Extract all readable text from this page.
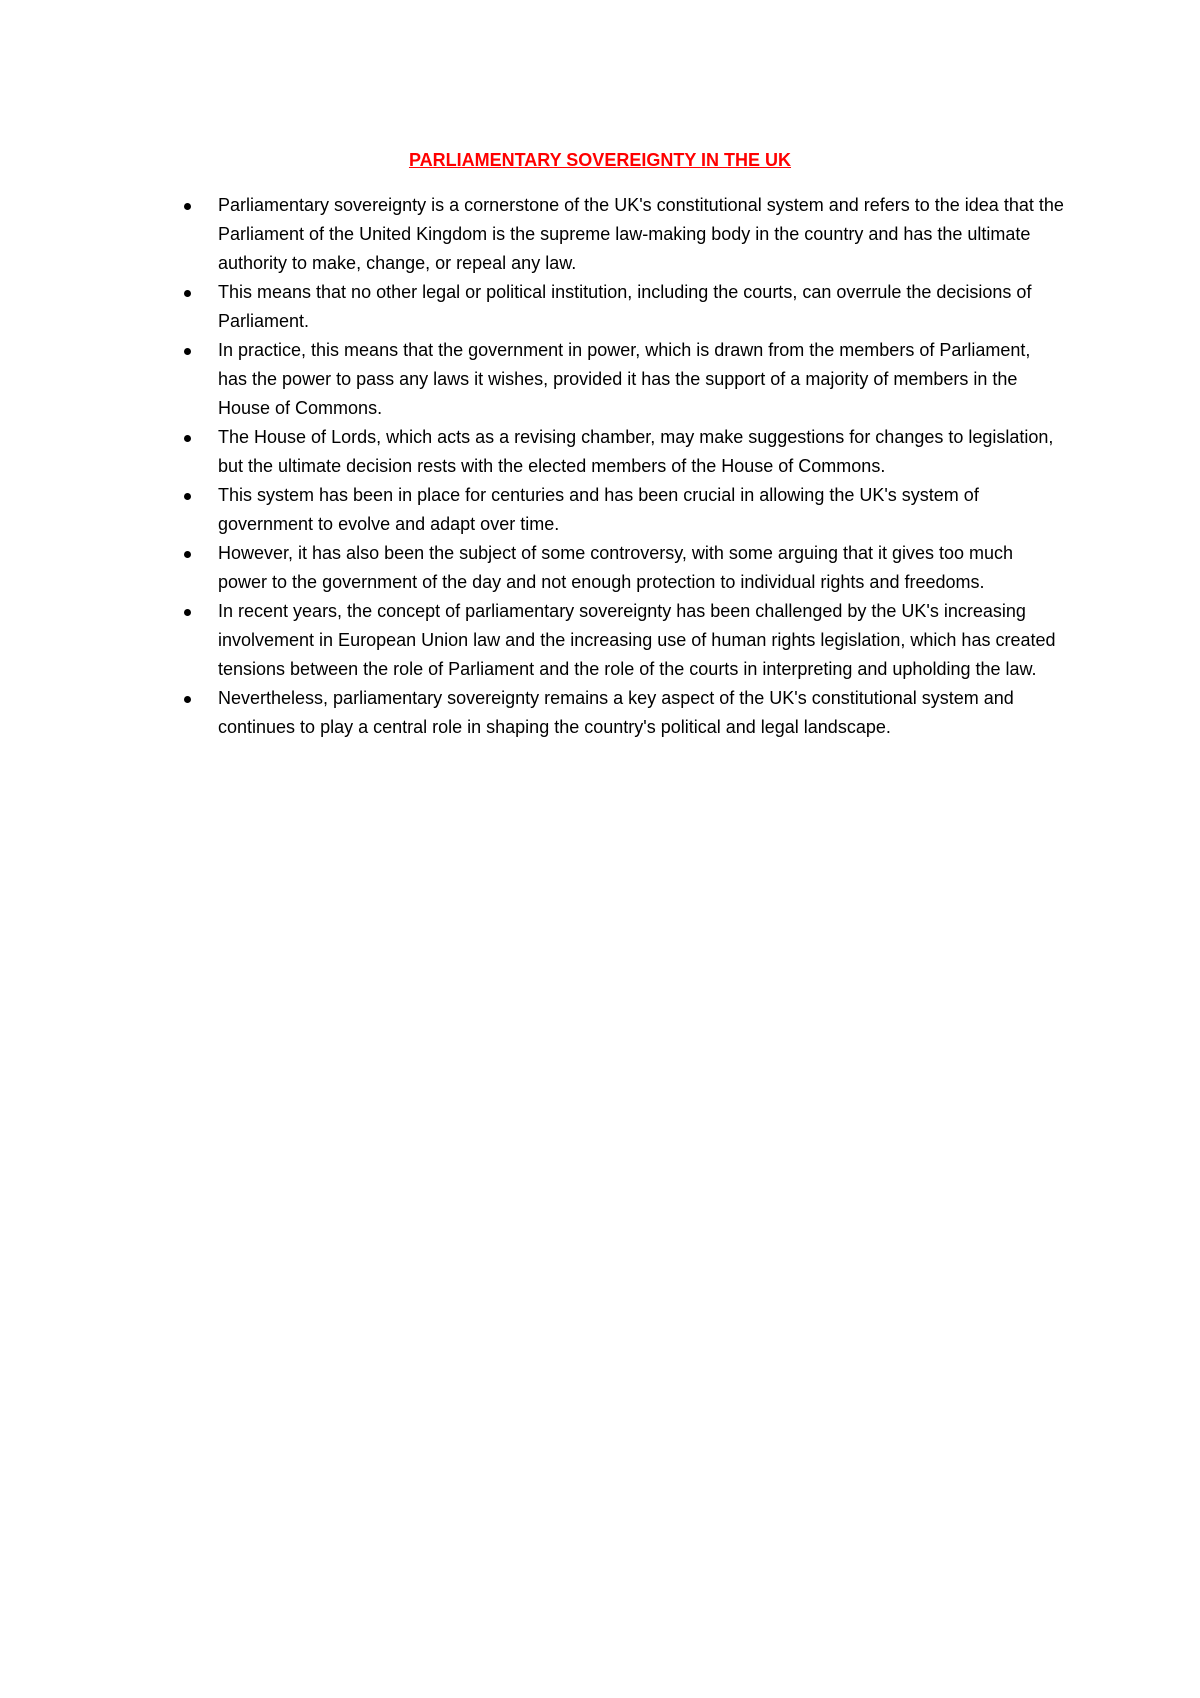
PARLIAMENTARY SOVEREIGNTY IN THE UK
Parliamentary sovereignty is a cornerstone of the UK's constitutional system and refers to the idea that the Parliament of the United Kingdom is the supreme law-making body in the country and has the ultimate authority to make, change, or repeal any law.
This means that no other legal or political institution, including the courts, can overrule the decisions of Parliament.
In practice, this means that the government in power, which is drawn from the members of Parliament, has the power to pass any laws it wishes, provided it has the support of a majority of members in the House of Commons.
The House of Lords, which acts as a revising chamber, may make suggestions for changes to legislation, but the ultimate decision rests with the elected members of the House of Commons.
This system has been in place for centuries and has been crucial in allowing the UK's system of government to evolve and adapt over time.
However, it has also been the subject of some controversy, with some arguing that it gives too much power to the government of the day and not enough protection to individual rights and freedoms.
In recent years, the concept of parliamentary sovereignty has been challenged by the UK's increasing involvement in European Union law and the increasing use of human rights legislation, which has created tensions between the role of Parliament and the role of the courts in interpreting and upholding the law.
Nevertheless, parliamentary sovereignty remains a key aspect of the UK's constitutional system and continues to play a central role in shaping the country's political and legal landscape.
